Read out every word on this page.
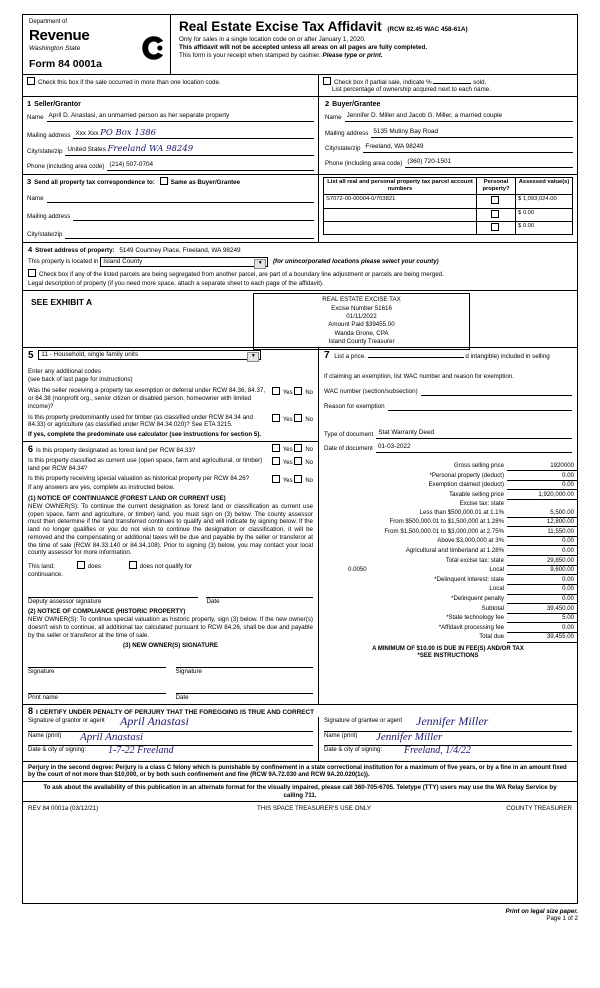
Department of
Revenue
Washington State
Form 84 0001a
Real Estate Excise Tax Affidavit (RCW 82.45 WAC 458-61A)
Only for sales in a single location code on or after January 1, 2020.
This affidavit will not be accepted unless all areas on all pages are fully completed.
This form is your receipt when stamped by cashier. Please type or print.
Check this box if the sale occurred in more than one location code.	Check box if partial sale, indicate %	sold.
List percentage of ownership acquired next to each name.
1 Seller/Grantor
Name April D. Anastasi, an unmarried person as her separate property
Mailing address Xxx Xxx PO Box 1386
City/state/zip United States Freeland WA 98249
Phone (including area code) (214) 507-0704
2 Buyer/Grantee
Name Jennifer D. Miller and Jacob G. Miller, a married couple
Mailing address 5135 Mutiny Bay Road
City/state/zip Freeland, WA 98249
Phone (including area code) (360) 720-1501
3 Send all property tax correspondence to:	Same as Buyer/Grantee
Name
Mailing address
City/state/zip
List all real and personal property tax parcel account numbers	Personal property?	Assessed value(s)
S7072-00-00004-0/703821		$ 1,093,024.00
		$ 0.00
		$ 0.00
4 Street address of property: 5149 Courtney Place, Freeland, WA 98249
This property is located in Island County	▼	(for unincorporated locations please select your county)
Check box if any of the listed parcels are being segregated from another parcel, are part of a boundary line adjustment or parcels are being merged.
Legal description of property (if you need more space, attach a separate sheet to each page of the affidavit).
SEE EXHIBIT A	REAL ESTATE EXCISE TAX
Excise Number 51616
01/11/2022
Amount Paid $39455.00
Wanda Grone, CPA
Island County Treasurer
5 11 - Household, single family units	▼
Enter any additional codes
(see back of last page for instructions)
Yes No
Was the seller receiving a property tax exemption or deferral under RCW 84.36, 84.37, or 84.38 (nonprofit org., senior citizen or disabled person, homeowner with limited income)?
Yes No
Is this property predominantly used for timber (as classified under RCW 84.34 and 84.33) or agriculture (as classified under RCW 84.34.020)? See ETA 3215.
If yes, complete the predominate use calculator (see instructions for section 5).
Yes No
6 Is this property designated as forest land per RCW 84.33?
Yes No
Is this property classified as current use (open space, farm and agricultural, or timber) land per RCW 84.34?
Yes No
Is this property receiving special valuation as historical property per RCW 84.26?
If any answers are yes, complete as instructed below.
(1) NOTICE OF CONTINUANCE (FOREST LAND OR CURRENT USE)
NEW OWNER(S): To continue the current designation as forest land or classification as current use (open space, farm and agriculture, or timber) land, you must sign on (3) below. The county assessor must then determine if the land transferred continues to qualify and will indicate by signing below. If the land no longer qualifies or you do not wish to continue the designation or classification, it will be removed and the compensating or additional taxes will be due and payable by the seller or transferor at the time of sale (RCW 84.33.140 or 84.34.108). Prior to signing (3) below, you may contact your local county assessor for more information.
This land:	does	does not qualify for
continuance.
Deputy assessor signature	Date
(2) NOTICE OF COMPLIANCE (HISTORIC PROPERTY)
NEW OWNER(S): To continue special valuation as historic property, sign (3) below. If the new owner(s) doesn't wish to continue, all additional tax calculated pursuant to RCW 84.26, shall be due and payable by the seller or transferor at the time of sale.
(3) NEW OWNER(S) SIGNATURE
Signature	Signature
Print name	Date
7 List a price.	d intangible) included in selling
If claiming an exemption, list WAC number and reason for exemption.
WAC number (section/subsection)
Reason for exemption
Type of document Stat Warranty Deed
Date of document 01-03-2022
Gross selling price	1920000
*Personal property (deduct)	0.00
Exemption claimed (deduct)	0.00
Taxable selling price	1,920,000.00
Excise tax: state	
Less than $500,000.01 at 1.1%	5,500.00
From $500,000.01 to $1,500,000 at 1.28%	12,800.00
From $1,500,000.01 to $3,000,000 at 2.75%	11,550.00
Above $3,000,000 at 3%	0.00
Agricultural and timberland at 1.28%	0.00
Total excise tax: state	29,850.00

0.0050 Local	9,600.00
*Delinquent interest: state	0.00
Local	0.00
*Delinquent penalty	0.00
Subtotal	39,450.00
*State technology fee	5.00
*Affidavit processing fee	0.00
Total due	39,455.00
A MINIMUM OF $10.00 IS DUE IN FEE(S) AND/OR TAX
*SEE INSTRUCTIONS
8 I CERTIFY UNDER PENALTY OF PERJURY THAT THE FOREGOING IS TRUE AND CORRECT
Signature of grantor or agent April Anastasi
Name (print) April Anastasi
Date & city of signing: 1-7-22 Freeland
Signature of grantee or agent Jennifer Miller
Name (print) Jennifer Miller
Date & city of signing: Freeland, 1/4/22
Perjury in the second degree: Perjury is a class C felony which is punishable by confinement in a state correctional institution for a maximum of five years, or by a fine in an amount fixed by the court of not more than $10,000, or by both such confinement and fine (RCW 9A.72.030 and RCW 9A.20.020(1c)).
To ask about the availability of this publication in an alternate format for the visually impaired, please call 360-705-6705. Teletype (TTY) users may use the WA Relay Service by calling 711.
REV 84 0001a (03/12/21)	THIS SPACE TREASURER'S USE ONLY	COUNTY TREASURER
Print on legal size paper.
Page 1 of 2
